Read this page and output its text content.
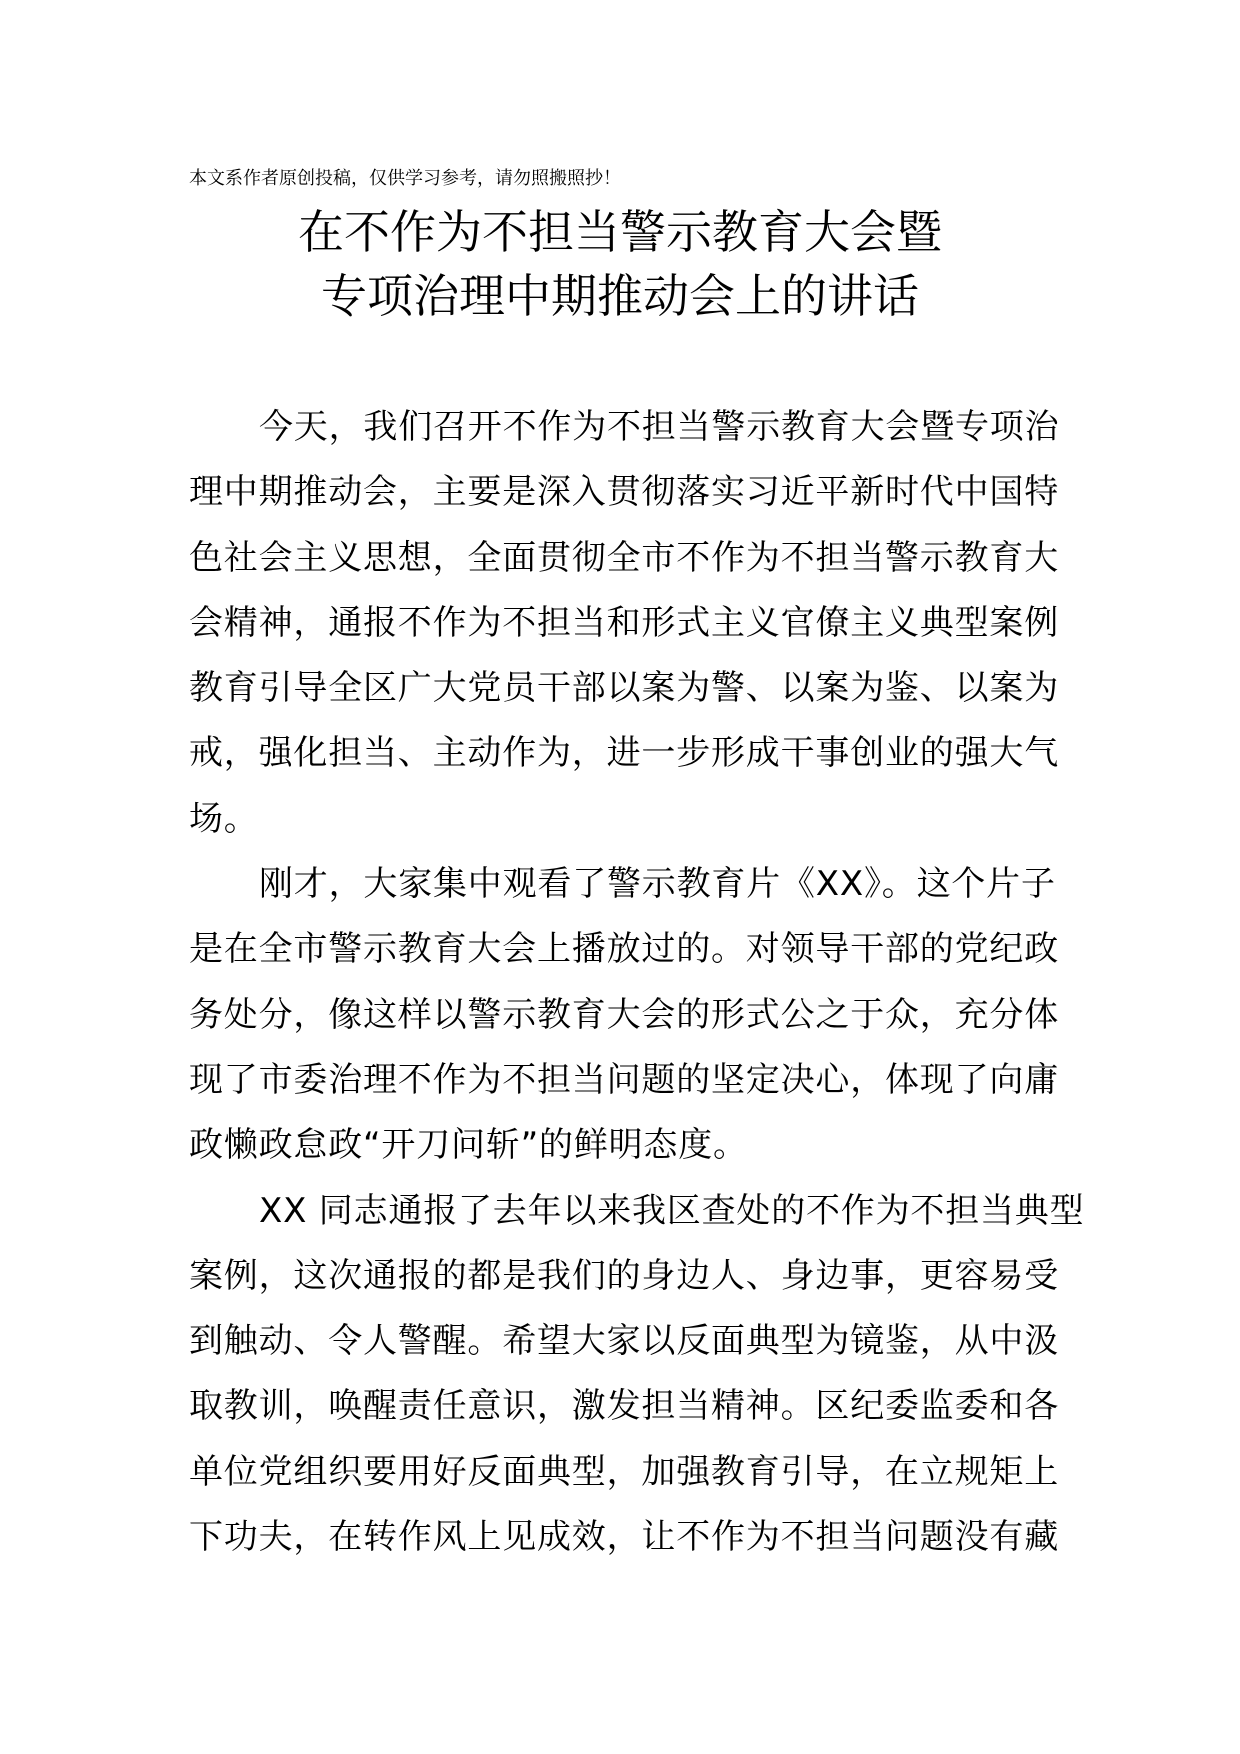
本文系作者原创投稿，仅供学习参考，请勿照搬照抄！
在不作为不担当警示教育大会暨
专项治理中期推动会上的讲话
今天，我们召开不作为不担当警示教育大会暨专项治
理中期推动会，主要是深入贯彻落实习近平新时代中国特
色社会主义思想，全面贯彻全市不作为不担当警示教育大
会精神，通报不作为不担当和形式主义官僚主义典型案例
教育引导全区广大党员干部以案为警、以案为鉴、以案为
戒，强化担当、主动作为，进一步形成干事创业的强大气
场。
刚才，大家集中观看了警示教育片《XX》。这个片子
是在全市警示教育大会上播放过的。对领导干部的党纪政
务处分，像这样以警示教育大会的形式公之于众，充分体
现了市委治理不作为不担当问题的坚定决心，体现了向庸
政懒政怠政“开刀问斩”的鲜明态度。
XX 同志通报了去年以来我区查处的不作为不担当典型
案例，这次通报的都是我们的身边人、身边事，更容易受
到触动、令人警醒。希望大家以反面典型为镜鉴，从中汲
取教训，唤醒责任意识，激发担当精神。区纪委监委和各
单位党组织要用好反面典型，加强教育引导，在立规矩上
下功夫，在转作风上见成效，让不作为不担当问题没有藏
